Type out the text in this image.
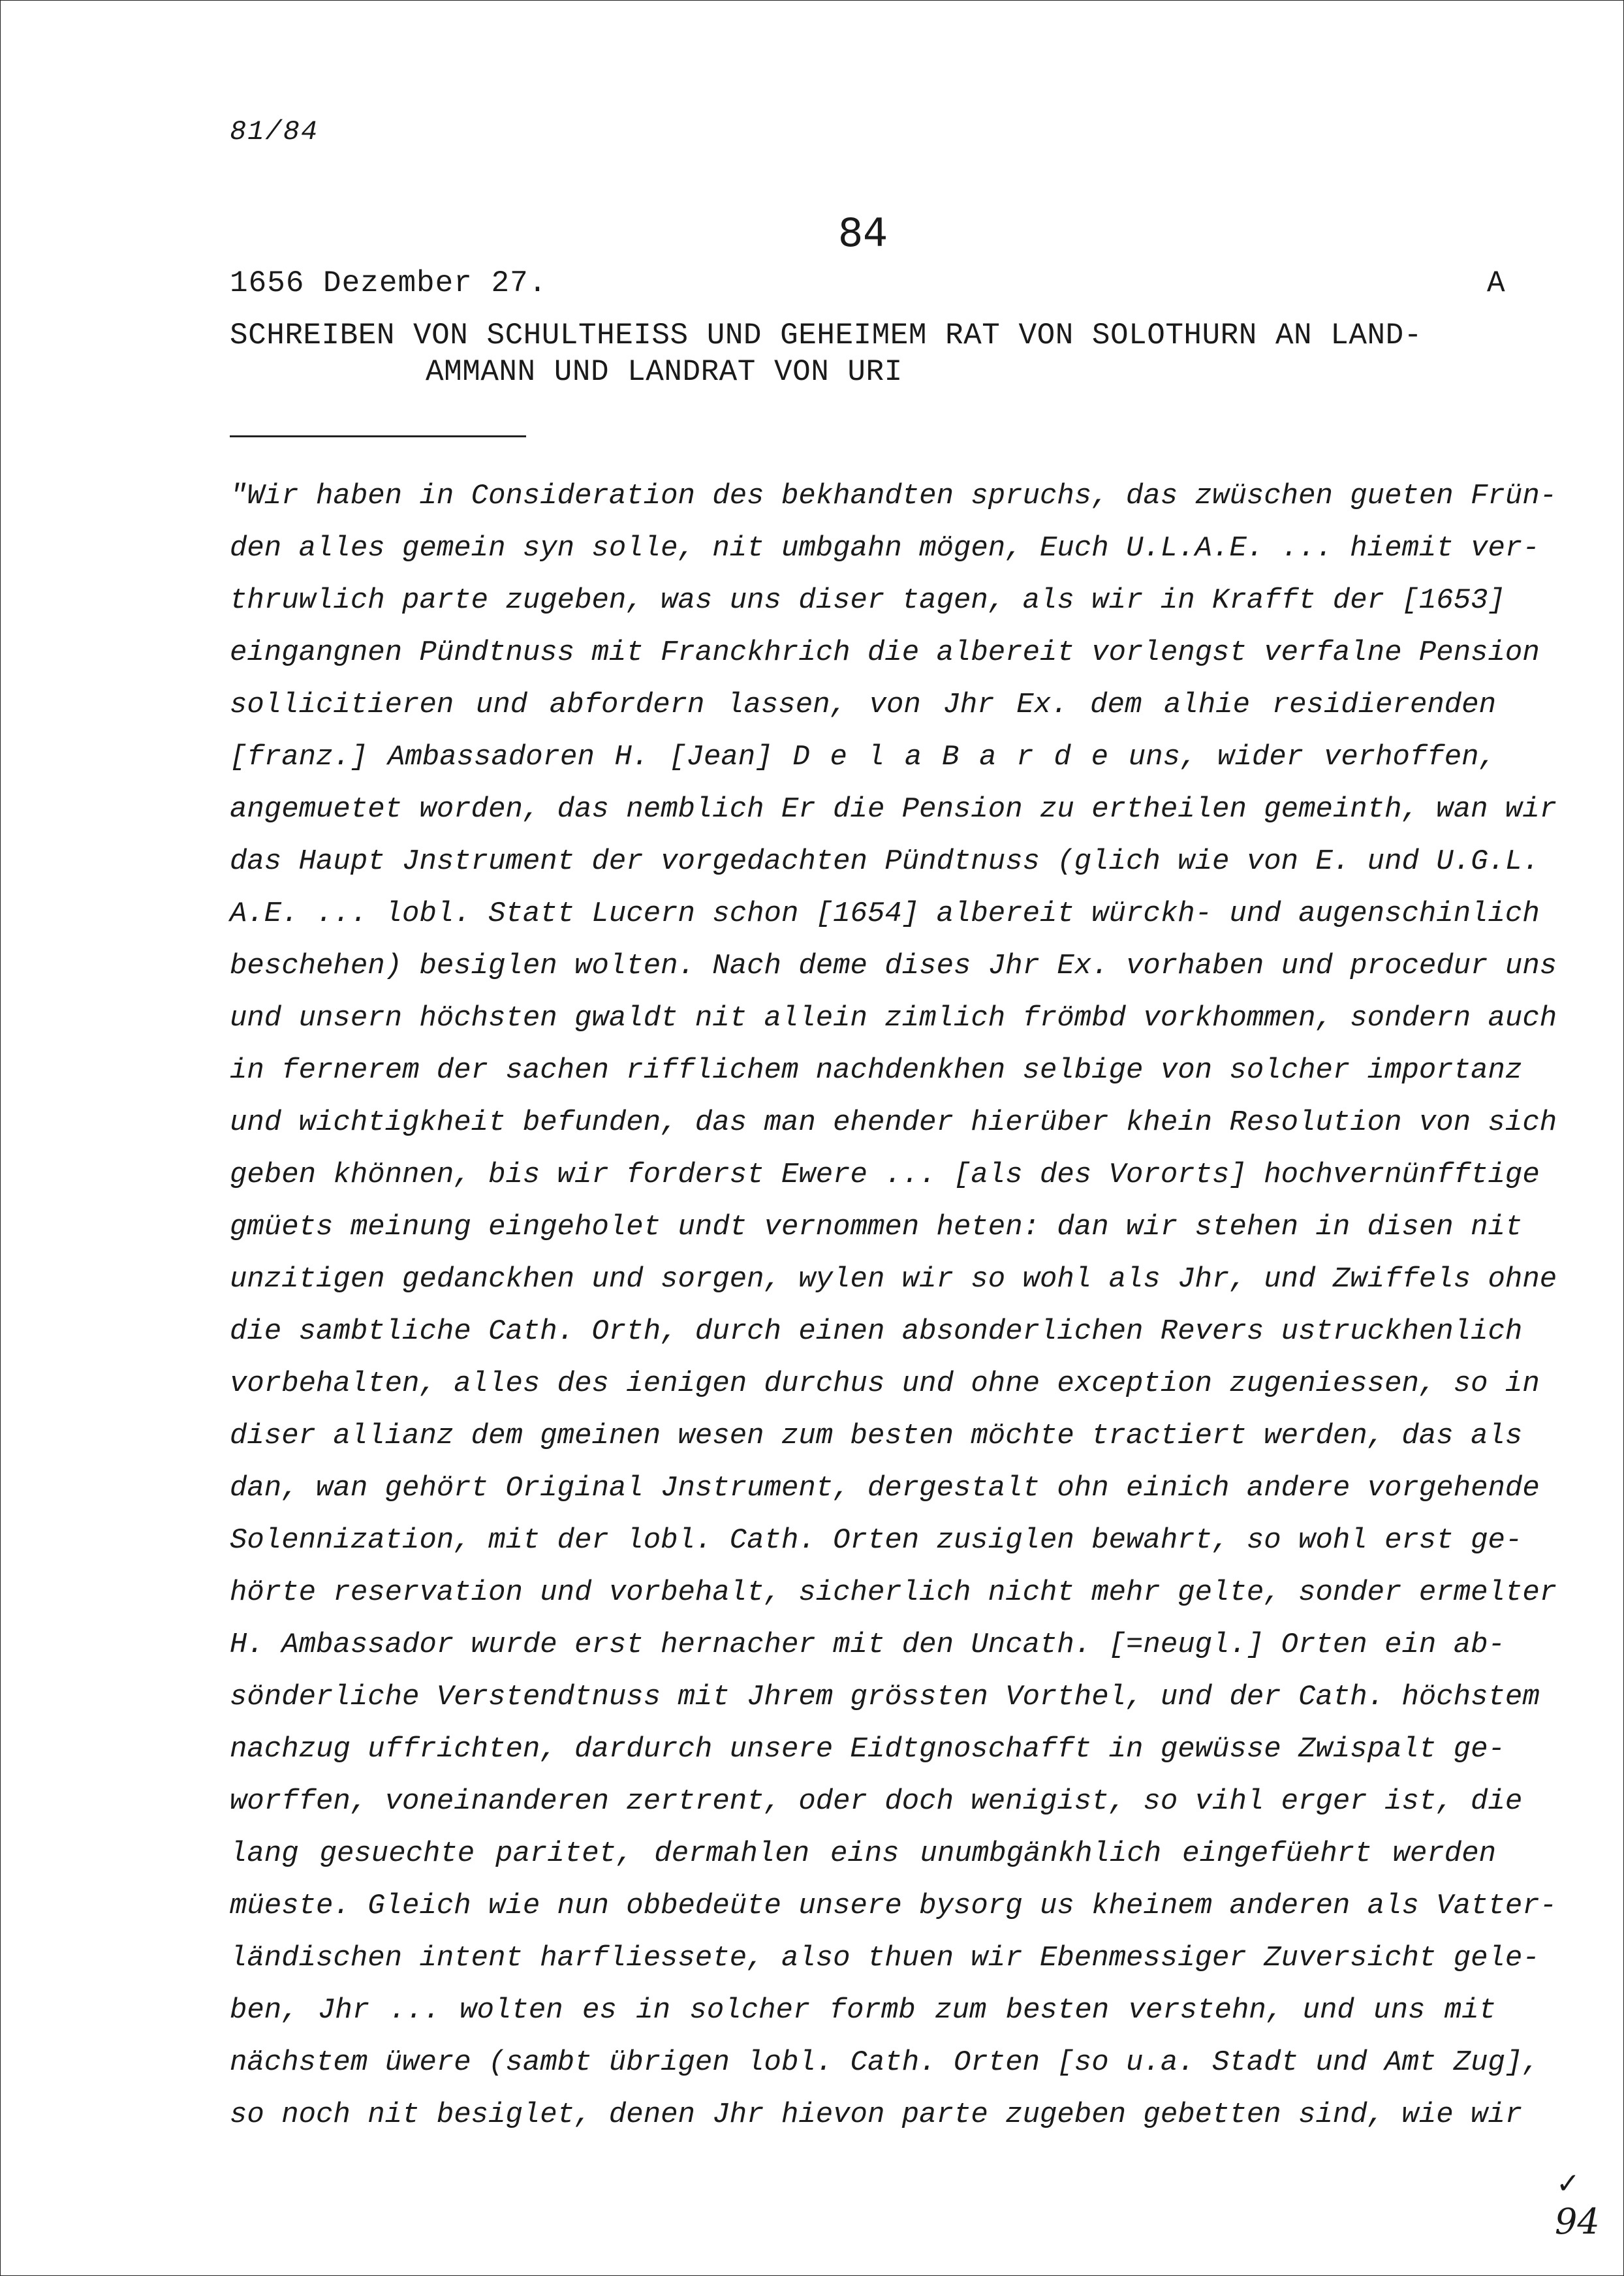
81/84
84
1656 Dezember 27.	A
SCHREIBEN VON SCHULTHEISS UND GEHEIMEM RAT VON SOLOTHURN AN LAND-
AMMANN UND LANDRAT VON URI
"Wir haben in Consideration des bekhandten spruchs, das zwüschen gueten Frün-
den alles gemein syn solle, nit umbgahn mögen, Euch U.L.A.E. ... hiemit ver-
thruwlich parte zugeben, was uns diser tagen, als wir in Krafft der [1653]
eingangnen Pündtnuss mit Franckhrich die albereit vorlengst verfalne Pension
sollicitieren und abfordern lassen, von Jhr Ex. dem alhie residierenden
[franz.] Ambassadoren H. [Jean] D e l a B a r d e uns, wider verhoffen,
angemuetet worden, das nemblich Er die Pension zu ertheilen gemeinth, wan wir
das Haupt Jnstrument der vorgedachten Pündtnuss (glich wie von E. und U.G.L.
A.E. ... lobl. Statt Lucern schon [1654] albereit würckh- und augenschinlich
beschehen) besiglen wolten. Nach deme dises Jhr Ex. vorhaben und procedur uns
und unsern höchsten gwaldt nit allein zimlich frömbd vorkhommen, sondern auch
in fernerem der sachen rifflichem nachdenkhen selbige von solcher importanz
und wichtigkheit befunden, das man ehender hierüber khein Resolution von sich
geben khönnen, bis wir forderst Ewere ... [als des Vororts] hochvernünfftige
gmüets meinung eingeholet undt vernommen heten: dan wir stehen in disen nit
unzitigen gedanckhen und sorgen, wylen wir so wohl als Jhr, und Zwiffels ohne
die sambtliche Cath. Orth, durch einen absonderlichen Revers ustruckhenlich
vorbehalten, alles des ienigen durchus und ohne exception zugeniessen, so in
diser allianz dem gmeinen wesen zum besten möchte tractiert werden, das als
dan, wan gehört Original Jnstrument, dergestalt ohn einich andere vorgehende
Solennization, mit der lobl. Cath. Orten zusiglen bewahrt, so wohl erst ge-
hörte reservation und vorbehalt, sicherlich nicht mehr gelte, sonder ermelter
H. Ambassador wurde erst hernacher mit den Uncath. [=neugl.] Orten ein ab-
sönderliche Verstendtnuss mit Jhrem grössten Vorthel, und der Cath. höchstem
nachzug uffrichten, dardurch unsere Eidtgnoschafft in gewüsse Zwispalt ge-
worffen, voneinanderen zertrent, oder doch wenigist, so vihl erger ist, die
lang gesuechte paritet, dermahlen eins unumbgänkhlich eingefüehrt werden
müeste. Gleich wie nun obbedeüte unsere bysorg us kheinem anderen als Vatter-
ländischen intent harfliessete, also thuen wir Ebenmessiger Zuversicht gele-
ben, Jhr ... wolten es in solcher formb zum besten verstehn, und uns mit
nächstem üwere (sambt übrigen lobl. Cath. Orten [so u.a. Stadt und Amt Zug],
so noch nit besiglet, denen Jhr hievon parte zugeben gebetten sind, wie wir
✓
94
